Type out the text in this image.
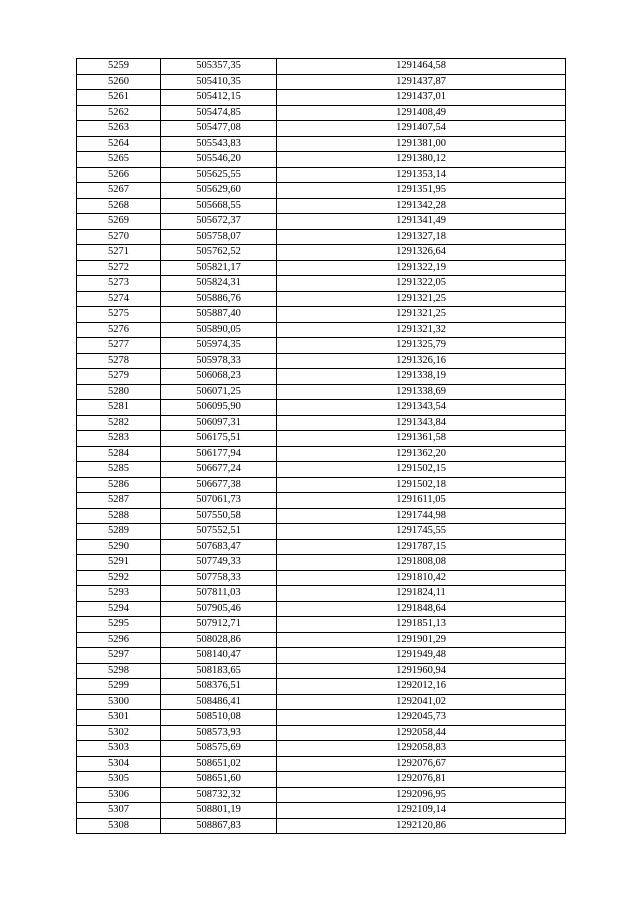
5259	505357,35	1291464,58
5260	505410,35	1291437,87
5261	505412,15	1291437,01
5262	505474,85	1291408,49
5263	505477,08	1291407,54
5264	505543,83	1291381,00
5265	505546,20	1291380,12
5266	505625,55	1291353,14
5267	505629,60	1291351,95
5268	505668,55	1291342,28
5269	505672,37	1291341,49
5270	505758,07	1291327,18
5271	505762,52	1291326,64
5272	505821,17	1291322,19
5273	505824,31	1291322,05
5274	505886,76	1291321,25
5275	505887,40	1291321,25
5276	505890,05	1291321,32
5277	505974,35	1291325,79
5278	505978,33	1291326,16
5279	506068,23	1291338,19
5280	506071,25	1291338,69
5281	506095,90	1291343,54
5282	506097,31	1291343,84
5283	506175,51	1291361,58
5284	506177,94	1291362,20
5285	506677,24	1291502,15
5286	506677,38	1291502,18
5287	507061,73	1291611,05
5288	507550,58	1291744,98
5289	507552,51	1291745,55
5290	507683,47	1291787,15
5291	507749,33	1291808,08
5292	507758,33	1291810,42
5293	507811,03	1291824,11
5294	507905,46	1291848,64
5295	507912,71	1291851,13
5296	508028,86	1291901,29
5297	508140,47	1291949,48
5298	508183,65	1291960,94
5299	508376,51	1292012,16
5300	508486,41	1292041,02
5301	508510,08	1292045,73
5302	508573,93	1292058,44
5303	508575,69	1292058,83
5304	508651,02	1292076,67
5305	508651,60	1292076,81
5306	508732,32	1292096,95
5307	508801,19	1292109,14
5308	508867,83	1292120,86
